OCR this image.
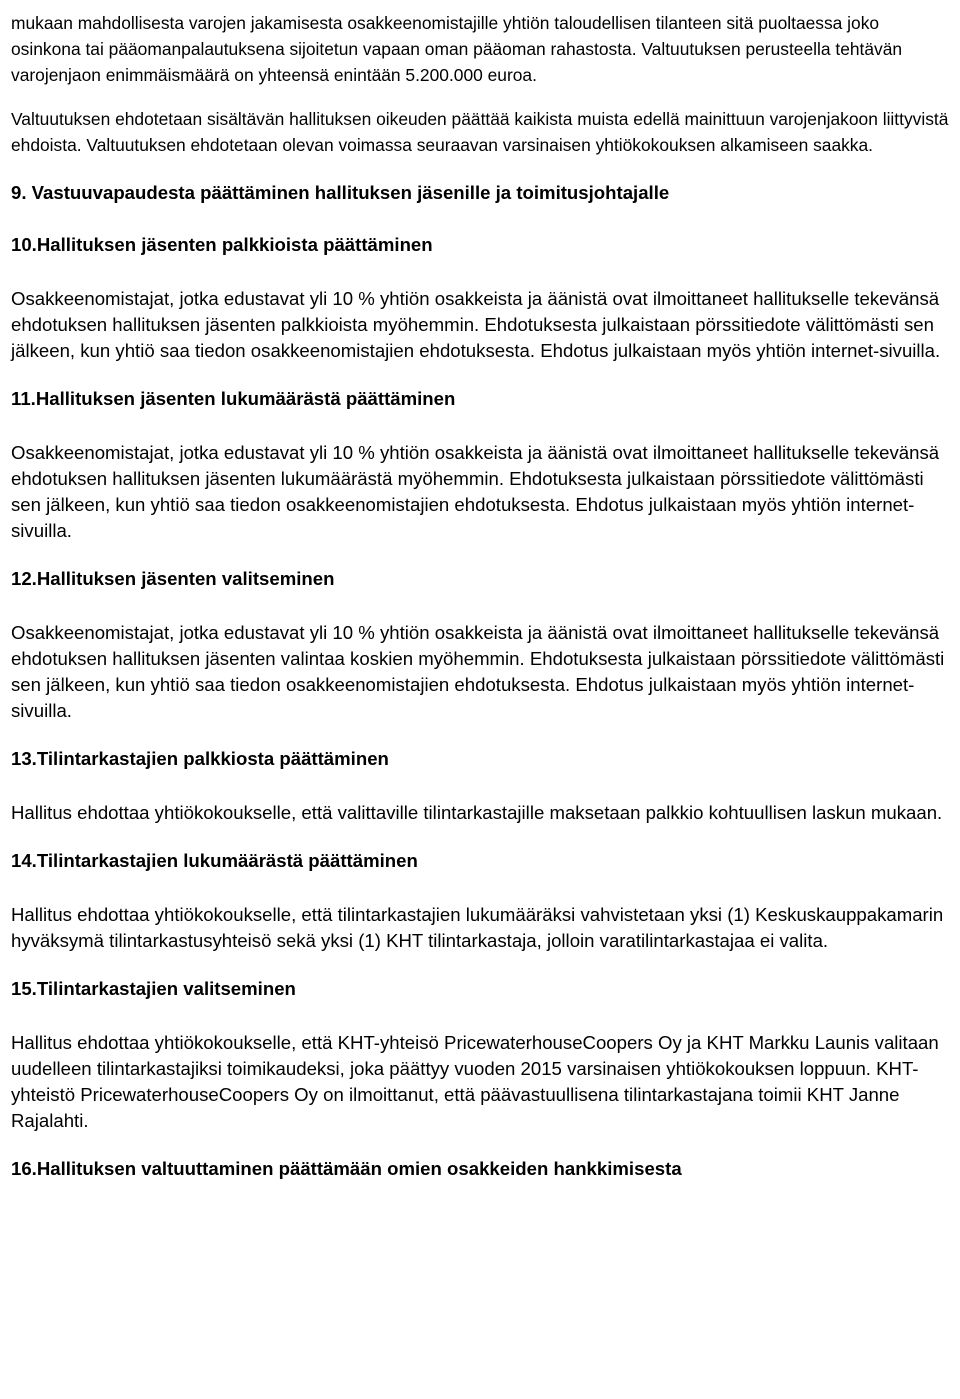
mukaan mahdollisesta varojen jakamisesta osakkeenomistajille yhtiön taloudellisen tilanteen sitä puoltaessa joko osinkona tai pääomanpalautuksena sijoitetun vapaan oman pääoman rahastosta. Valtuutuksen perusteella tehtävän varojenjaon enimmäismäärä on yhteensä enintään 5.200.000 euroa.

Valtuutuksen ehdotetaan sisältävän hallituksen oikeuden päättää kaikista muista edellä mainittuun varojenjakoon liittyvistä ehdoista. Valtuutuksen ehdotetaan olevan voimassa seuraavan varsinaisen yhtiökokouksen alkamiseen saakka.

9. Vastuuvapaudesta päättäminen hallituksen jäsenille ja toimitusjohtajalle
10.Hallituksen jäsenten palkkioista päättäminen

Osakkeenomistajat, jotka edustavat yli 10 % yhtiön osakkeista ja äänistä ovat ilmoittaneet hallitukselle tekevänsä ehdotuksen hallituksen jäsenten palkkioista myöhemmin. Ehdotuksesta julkaistaan pörssitiedote välittömästi sen jälkeen, kun yhtiö saa tiedon osakkeenomistajien ehdotuksesta. Ehdotus julkaistaan myös yhtiön internet-sivuilla.

11.Hallituksen jäsenten lukumäärästä päättäminen

Osakkeenomistajat, jotka edustavat yli 10 % yhtiön osakkeista ja äänistä ovat ilmoittaneet hallitukselle tekevänsä ehdotuksen hallituksen jäsenten lukumäärästä myöhemmin. Ehdotuksesta julkaistaan pörssitiedote välittömästi sen jälkeen, kun yhtiö saa tiedon osakkeenomistajien ehdotuksesta. Ehdotus julkaistaan myös yhtiön internet-sivuilla.

12.Hallituksen jäsenten valitseminen

Osakkeenomistajat, jotka edustavat yli 10 % yhtiön osakkeista ja äänistä ovat ilmoittaneet hallitukselle tekevänsä ehdotuksen hallituksen jäsenten valintaa koskien myöhemmin. Ehdotuksesta julkaistaan pörssitiedote välittömästi sen jälkeen, kun yhtiö saa tiedon osakkeenomistajien ehdotuksesta. Ehdotus julkaistaan myös yhtiön internet-sivuilla.

13.Tilintarkastajien palkkiosta päättäminen

Hallitus ehdottaa yhtiökokoukselle, että valittaville tilintarkastajille maksetaan palkkio kohtuullisen laskun mukaan.

14.Tilintarkastajien lukumäärästä päättäminen

Hallitus ehdottaa yhtiökokoukselle, että tilintarkastajien lukumääräksi vahvistetaan yksi (1) Keskuskauppakamarin hyväksymä tilintarkastusyhteisö sekä yksi (1) KHT tilintarkastaja, jolloin varatilintarkastajaa ei valita.

15.Tilintarkastajien valitseminen

Hallitus ehdottaa yhtiökokoukselle, että KHT-yhteisö PricewaterhouseCoopers Oy ja KHT Markku Launis valitaan uudelleen tilintarkastajiksi toimikaudeksi, joka päättyy vuoden 2015 varsinaisen yhtiökokouksen loppuun. KHT-yhteistö PricewaterhouseCoopers Oy on ilmoittanut, että päävastuullisena tilintarkastajana toimii KHT Janne Rajalahti.

16.Hallituksen valtuuttaminen päättämään omien osakkeiden hankkimisesta
